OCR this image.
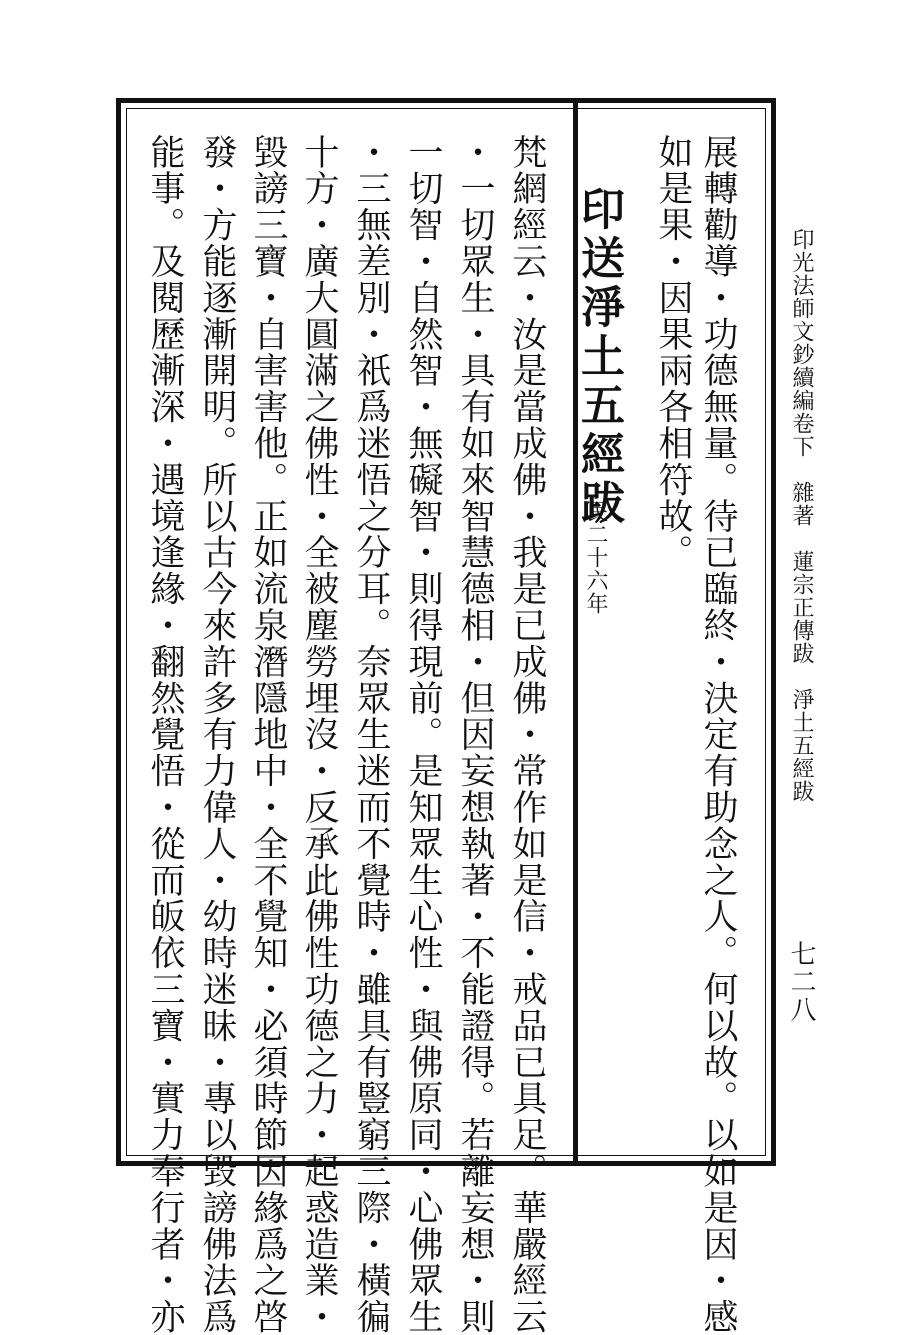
展轉勸導・功德無量。待已臨終・決定有助念之人。何以故。以如是因・感
如是果・因果兩各相符故。
印送淨土五經跋
民二十六年
梵網經云・汝是當成佛・我是已成佛・常作如是信・戒品已具足。華嚴經云
・一切眾生・具有如來智慧德相・但因妄想執著・不能證得。若離妄想・則
一切智・自然智・無礙智・則得現前。是知眾生心性・與佛原同・心佛眾生
・三無差別・祇爲迷悟之分耳。奈眾生迷而不覺時・雖具有豎窮三際・橫徧
十方・廣大圓滿之佛性・全被塵勞埋沒・反承此佛性功德之力・起惑造業・
毀謗三寶・自害害他。正如流泉潛隱地中・全不覺知・必須時節因緣爲之啓
發・方能逐漸開明。所以古今來許多有力偉人・幼時迷昧・專以毀謗佛法爲
能事。及閱歷漸深・遇境逢緣・翻然覺悟・從而皈依三寶・實力奉行者・亦	印光法師文鈔續編卷下　雜著　蓮宗正傳跋　淨土五經跋
七二八
